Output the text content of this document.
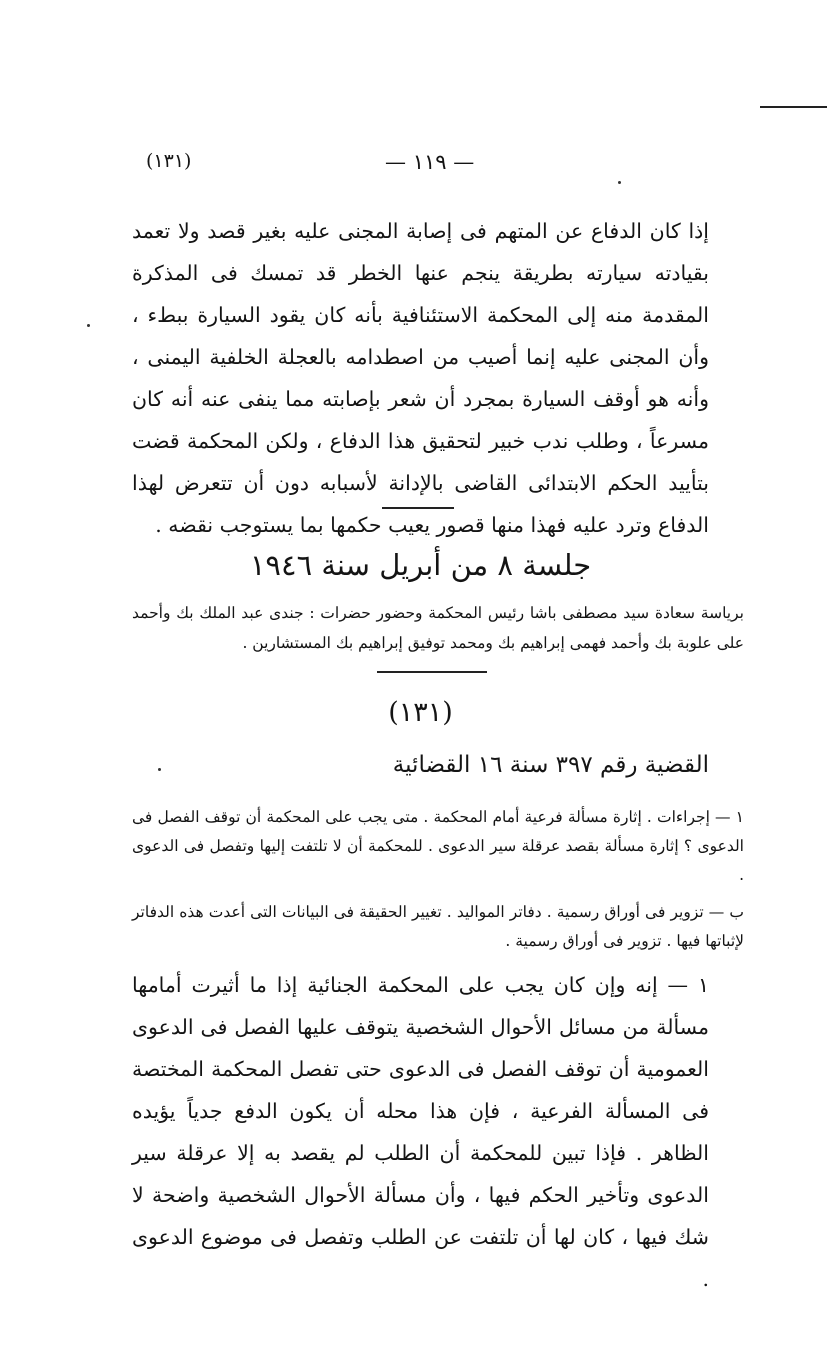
(١٣١)	— ١١٩ —

إذا كان الدفاع عن المتهم فى إصابة المجنى عليه بغير قصد ولا تعمد بقيادته سيارته بطريقة ينجم عنها الخطر قد تمسك فى المذكرة المقدمة منه إلى المحكمة الاستئنافية بأنه كان يقود السيارة ببطء ، وأن المجنى عليه إنما أصيب من اصطدامه بالعجلة الخلفية اليمنى ، وأنه هو أوقف السيارة بمجرد أن شعر بإصابته مما ينفى عنه أنه كان مسرعاً ، وطلب ندب خبير لتحقيق هذا الدفاع ، ولكن المحكمة قضت بتأييد الحكم الابتدائى القاضى بالإدانة لأسبابه دون أن تتعرض لهذا الدفاع وترد عليه فهذا منها قصور يعيب حكمها بما يستوجب نقضه .

جلسة ٨ من أبريل سنة ١٩٤٦

برياسة سعادة سيد مصطفى باشا رئيس المحكمة وحضور حضرات : جندى عبد الملك بك وأحمد على علوبة بك وأحمد فهمى إبراهيم بك ومحمد توفيق إبراهيم بك المستشارين .

(١٣١)
القضية رقم ٣٩٧ سنة ١٦ القضائية

١ — إجراءات . إثارة مسألة فرعية أمام المحكمة . متى يجب على المحكمة أن توقف الفصل فى الدعوى ؟ إثارة مسألة بقصد عرقلة سير الدعوى . للمحكمة أن لا تلتفت إليها وتفصل فى الدعوى .

ب — تزوير فى أوراق رسمية . دفاتر المواليد . تغيير الحقيقة فى البيانات التى أعدت هذه الدفاتر لإثباتها فيها . تزوير فى أوراق رسمية .

١ — إنه وإن كان يجب على المحكمة الجنائية إذا ما أثيرت أمامها مسألة من مسائل الأحوال الشخصية يتوقف عليها الفصل فى الدعوى العمومية أن توقف الفصل فى الدعوى حتى تفصل المحكمة المختصة فى المسألة الفرعية ، فإن هذا محله أن يكون الدفع جدياً يؤيده الظاهر . فإذا تبين للمحكمة أن الطلب لم يقصد به إلا عرقلة سير الدعوى وتأخير الحكم فيها ، وأن مسألة الأحوال الشخصية واضحة لا شك فيها ، كان لها أن تلتفت عن الطلب وتفصل فى موضوع الدعوى .
